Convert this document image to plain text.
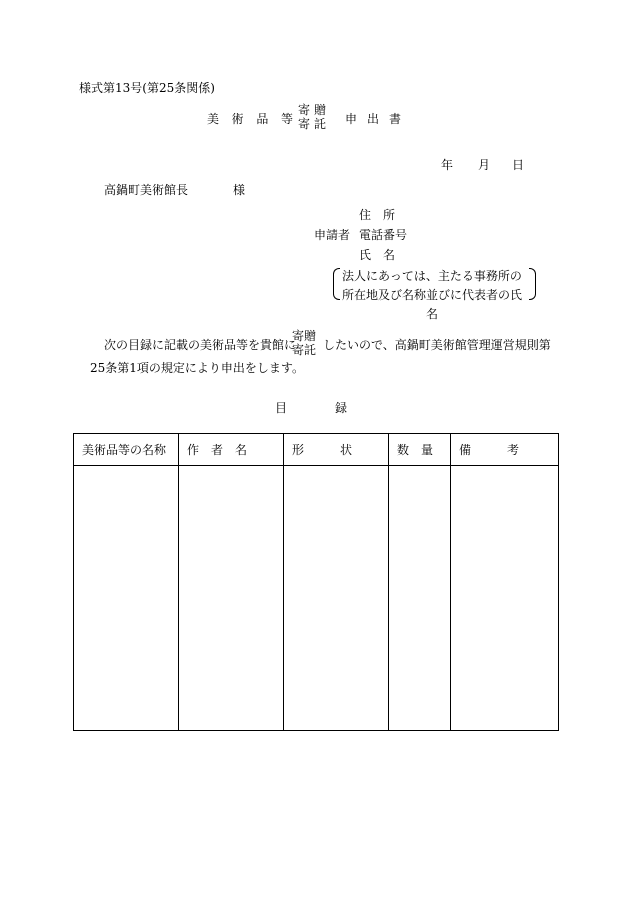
様式第13号(第25条関係)
美 術 品 等
寄贈
寄託 申 出 書
年 月 日
高鍋町美術館長	様
住　所
申請者 電話番号
氏　名
法人にあっては、主たる事務所の
所在地及び名称並びに代表者の氏
名
次の目録に記載の美術品等を貴館に
寄贈
寄託 したいので、高鍋町美術館管理運営規則第
25条第1項の規定により申出をします。
目　　　　録
美術品等の名称	作　者　名	形　　　状	数　量	備　　　考
